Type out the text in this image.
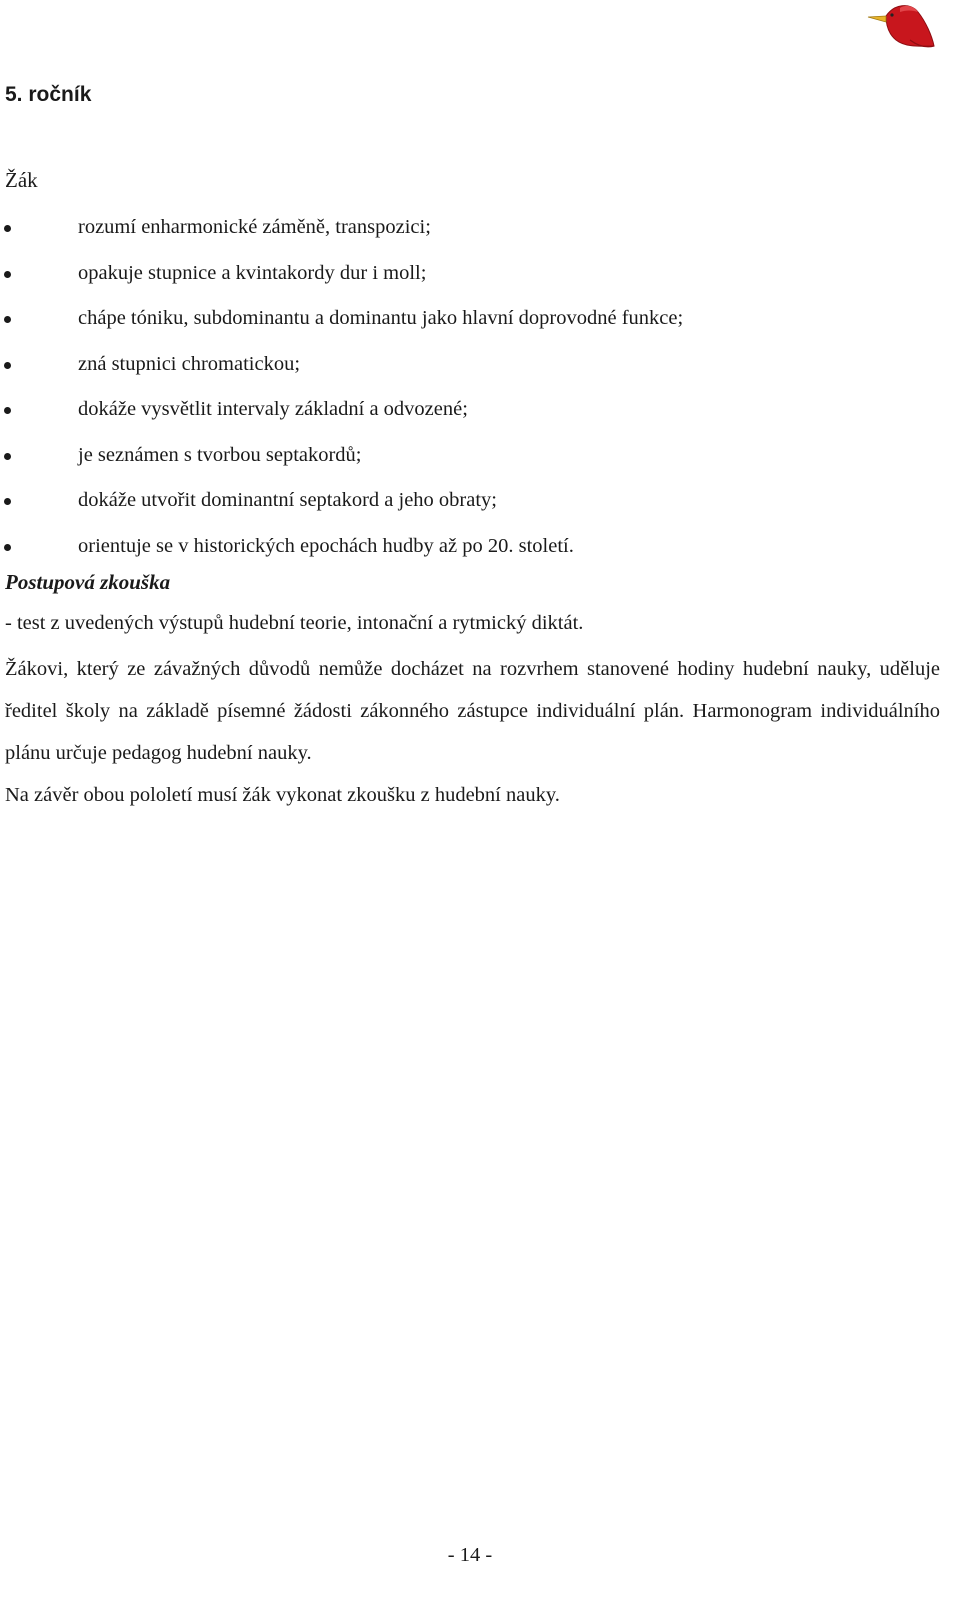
5. ročník
Žák
rozumí enharmonické záměně, transpozici;
opakuje stupnice a kvintakordy dur i moll;
chápe tóniku, subdominantu a dominantu jako hlavní doprovodné funkce;
zná stupnici chromatickou;
dokáže vysvětlit intervaly základní a odvozené;
je seznámen s tvorbou septakordů;
dokáže utvořit dominantní septakord a jeho obraty;
orientuje se v historických epochách hudby až po 20. století.
Postupová zkouška

- test z uvedených výstupů hudební teorie, intonační a rytmický diktát.

Žákovi, který ze závažných důvodů nemůže docházet na rozvrhem stanovené hodiny hudební nauky, uděluje ředitel školy na základě písemné žádosti zákonného zástupce individuální plán. Harmonogram individuálního plánu určuje pedagog hudební nauky.

Na závěr obou pololetí musí žák vykonat zkoušku z hudební nauky.

- 14 -
